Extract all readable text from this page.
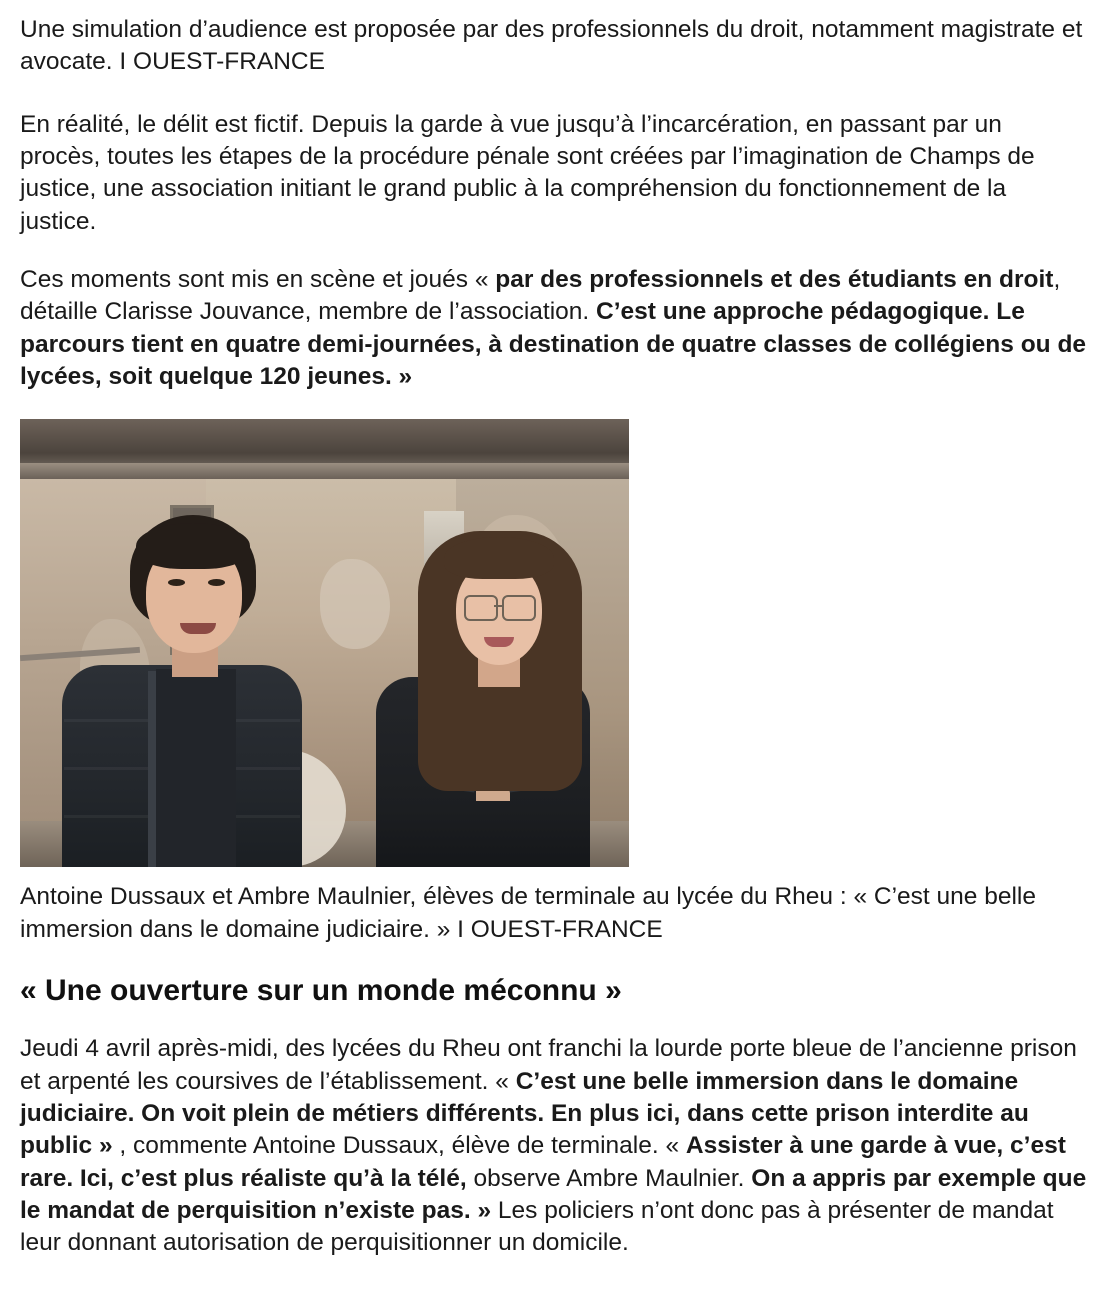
Une simulation d’audience est proposée par des professionnels du droit, notamment magistrate et avocate. I OUEST-FRANCE

En réalité, le délit est fictif. Depuis la garde à vue jusqu’à l’incarcération, en passant par un procès, toutes les étapes de la procédure pénale sont créées par l’imagination de Champs de justice, une association initiant le grand public à la compréhension du fonctionnement de la justice.

Ces moments sont mis en scène et joués « par des professionnels et des étudiants en droit, détaille Clarisse Jouvance, membre de l’association. C’est une approche pédagogique. Le parcours tient en quatre demi-journées, à destination de quatre classes de collégiens ou de lycées, soit quelque 120 jeunes. »

Antoine Dussaux et Ambre Maulnier, élèves de terminale au lycée du Rheu : « C’est une belle immersion dans le domaine judiciaire. » I OUEST-FRANCE

« Une ouverture sur un monde méconnu »

Jeudi 4 avril après-midi, des lycées du Rheu ont franchi la lourde porte bleue de l’ancienne prison et arpenté les coursives de l’établissement. « C’est une belle immersion dans le domaine judiciaire. On voit plein de métiers différents. En plus ici, dans cette prison interdite au public » , commente Antoine Dussaux, élève de terminale. « Assister à une garde à vue, c’est rare. Ici, c’est plus réaliste qu’à la télé, observe Ambre Maulnier. On a appris par exemple que le mandat de perquisition n’existe pas. » Les policiers n’ont donc pas à présenter de mandat leur donnant autorisation de perquisitionner un domicile.
